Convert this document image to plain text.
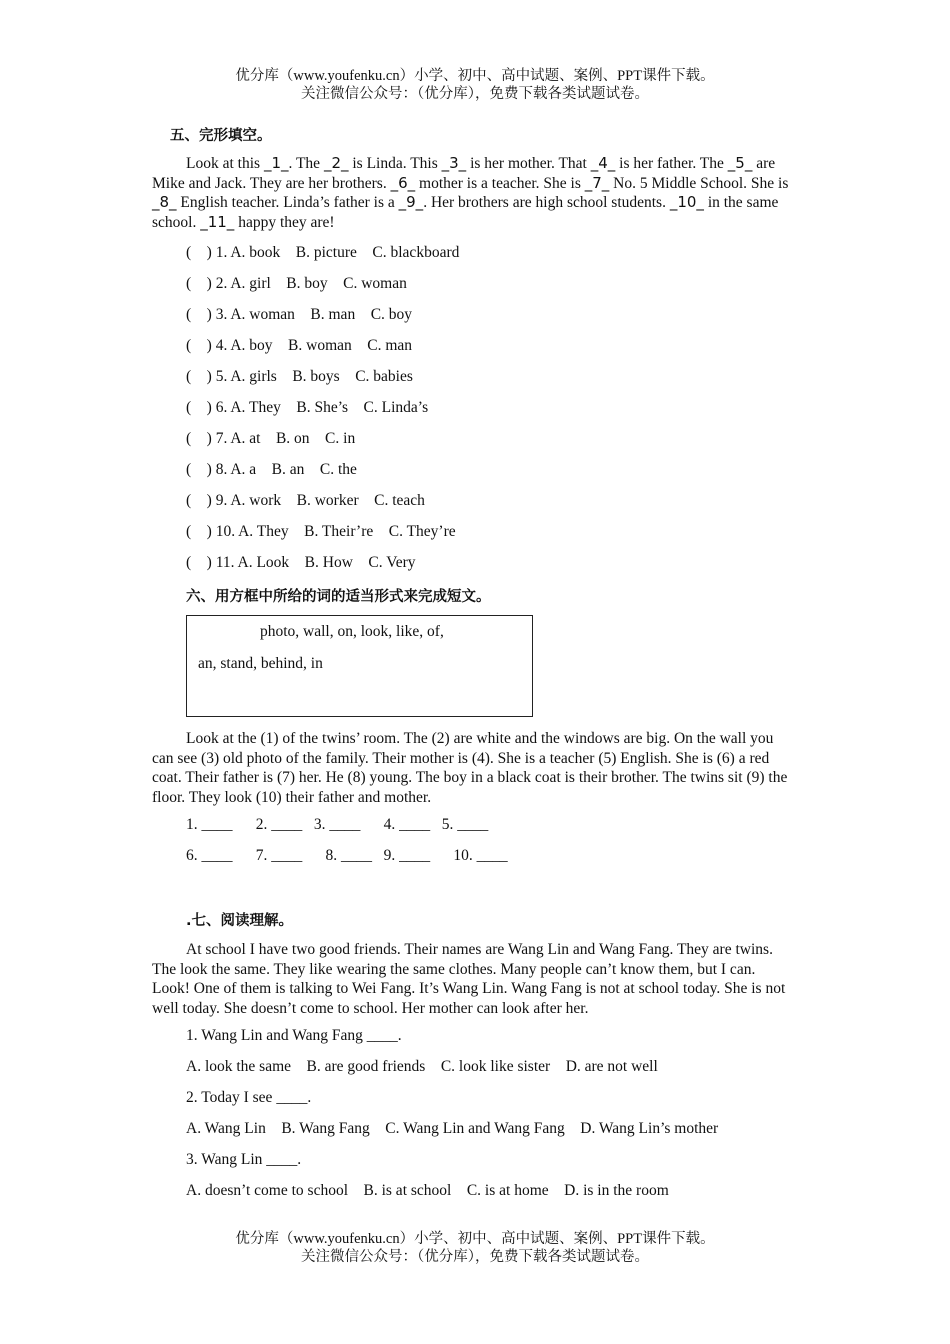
优分库（www.youfenku.cn）小学、初中、高中试题、案例、PPT课件下载。
关注微信公众号：（优分库），免费下载各类试题试卷。
五、完形填空。
Look at this _1_. The _2_ is Linda. This _3_ is her mother. That _4_ is her father. The _5_ are Mike and Jack. They are her brothers. _6_ mother is a teacher. She is _7_ No. 5 Middle School. She is _8_ English teacher. Linda’s father is a _9_. Her brothers are high school students. _10_ in the same school. _11_ happy they are!
(    ) 1. A. book    B. picture    C. blackboard
(    ) 2. A. girl    B. boy    C. woman
(    ) 3. A. woman    B. man    C. boy
(    ) 4. A. boy    B. woman    C. man
(    ) 5. A. girls    B. boys    C. babies
(    ) 6. A. They    B. She’s    C. Linda’s
(    ) 7. A. at    B. on    C. in
(    ) 8. A. a    B. an    C. the
(    ) 9. A. work    B. worker    C. teach
(    ) 10. A. They    B. Their’re    C. They’re
(    ) 11. A. Look    B. How    C. Very
六、用方框中所给的词的适当形式来完成短文。
photo, wall, on, look, like, of,
an, stand, behind, in
Look at the (1) of the twins’ room. The (2) are white and the windows are big. On the wall you can see (3) old photo of the family. Their mother is (4). She is a teacher (5) English. She is (6) a red coat. Their father is (7) her. He (8) young. The boy in a black coat is their brother. The twins sit (9) the floor. They look (10) their father and mother.
1. ____      2. ____   3. ____      4. ____   5. ____
6. ____      7. ____      8. ____   9. ____      10. ____
.七、阅读理解。
At school I have two good friends. Their names are Wang Lin and Wang Fang. They are twins. The look the same. They like wearing the same clothes. Many people can’t know them, but I can. Look! One of them is talking to Wei Fang. It’s Wang Lin. Wang Fang is not at school today. She is not well today. She doesn’t come to school. Her mother can look after her.
1. Wang Lin and Wang Fang ____.
A. look the same    B. are good friends    C. look like sister    D. are not well
2. Today I see ____.
A. Wang Lin    B. Wang Fang    C. Wang Lin and Wang Fang    D. Wang Lin’s mother
3. Wang Lin ____.
A. doesn’t come to school    B. is at school    C. is at home    D. is in the room
优分库（www.youfenku.cn）小学、初中、高中试题、案例、PPT课件下载。
关注微信公众号：（优分库），免费下载各类试题试卷。
